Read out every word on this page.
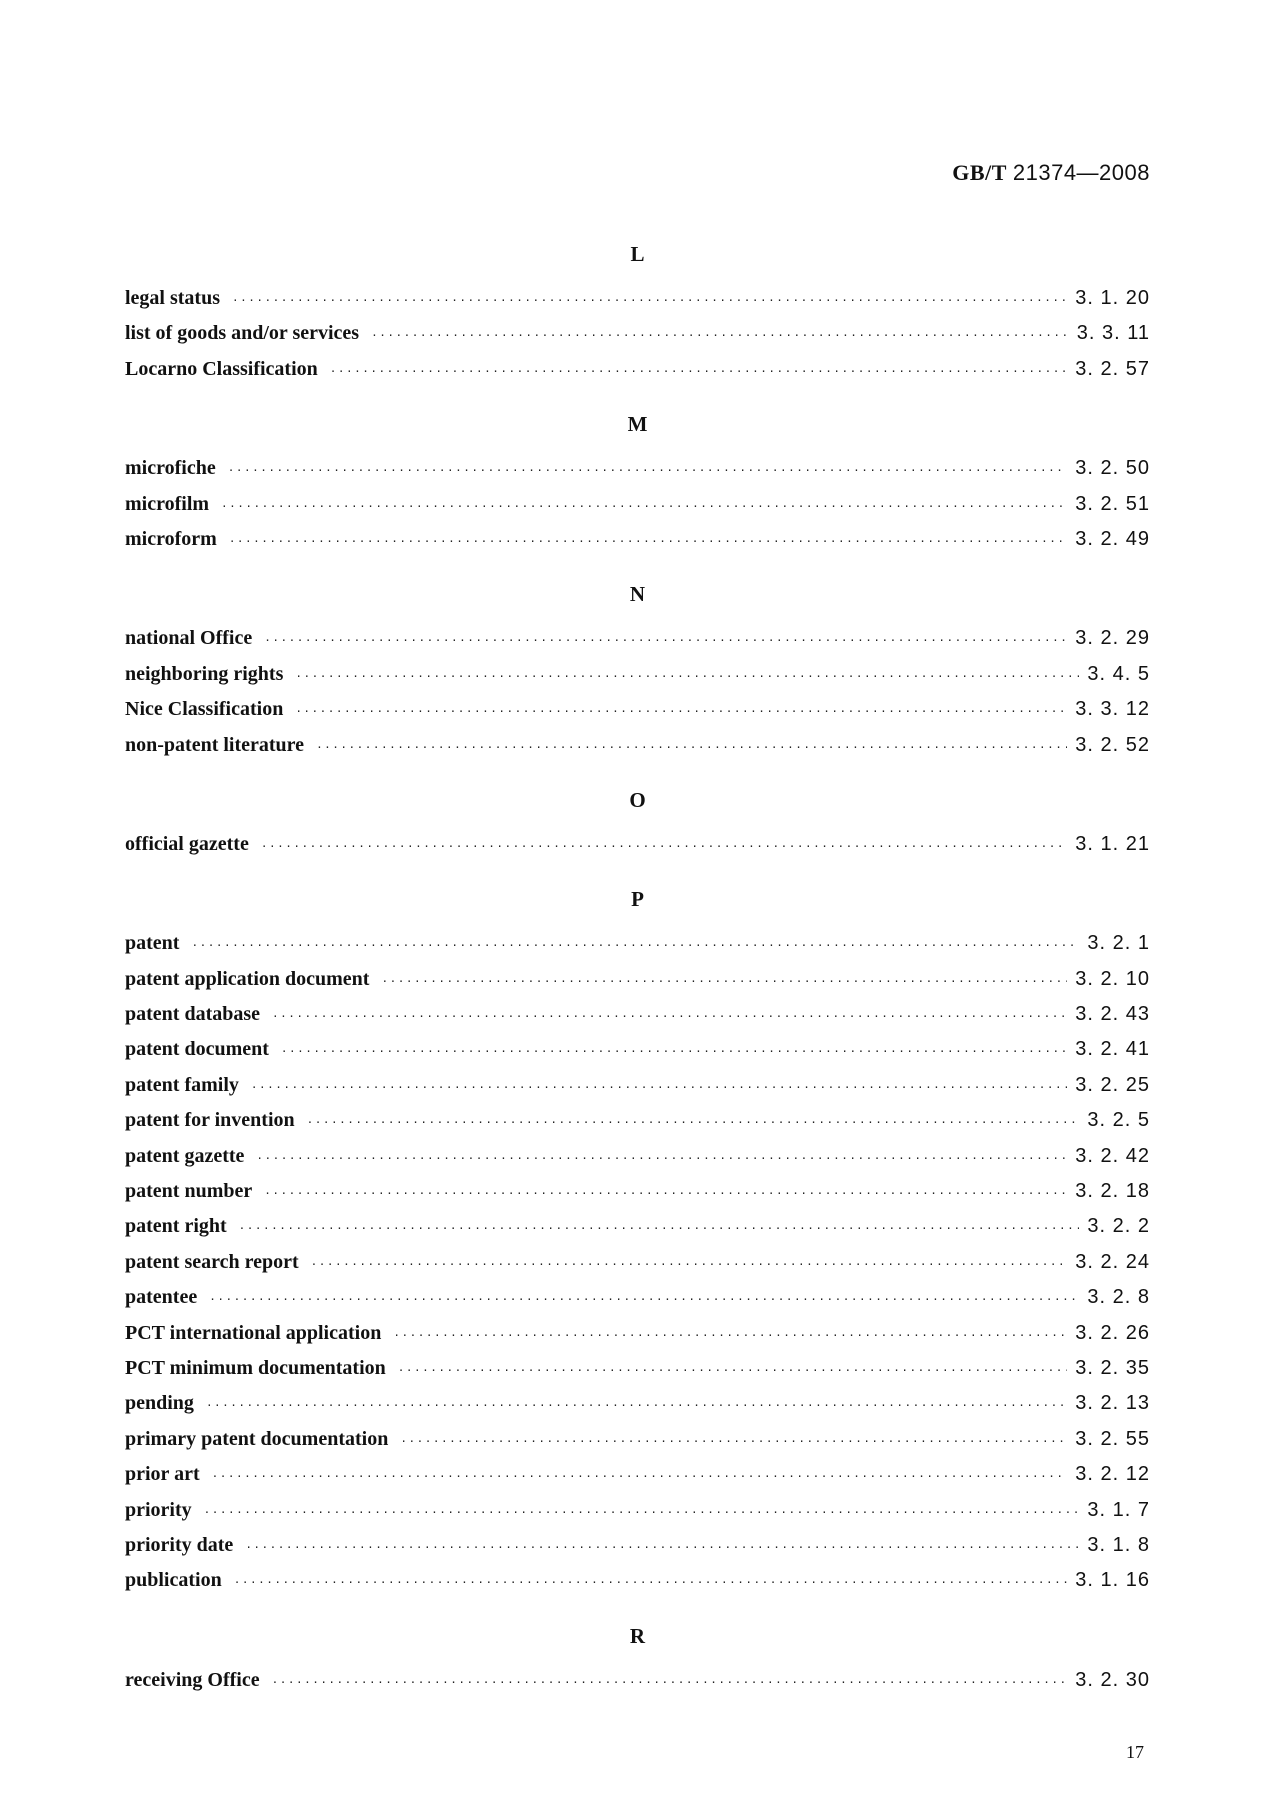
GB/T 21374—2008
L
legal status ·····	3. 1. 20
list of goods and/or services ·····	3. 3. 11
Locarno Classification ·····	3. 2. 57
M
microfiche ·····	3. 2. 50
microfilm ·····	3. 2. 51
microform ·····	3. 2. 49
N
national Office ·····	3. 2. 29
neighboring rights ·····	3. 4. 5
Nice Classification ·····	3. 3. 12
non-patent literature ·····	3. 2. 52
O
official gazette ·····	3. 1. 21
P
patent ·····	3. 2. 1
patent application document ·····	3. 2. 10
patent database ·····	3. 2. 43
patent document ·····	3. 2. 41
patent family ·····	3. 2. 25
patent for invention ·····	3. 2. 5
patent gazette ·····	3. 2. 42
patent number ·····	3. 2. 18
patent right ·····	3. 2. 2
patent search report ·····	3. 2. 24
patentee ·····	3. 2. 8
PCT international application ·····	3. 2. 26
PCT minimum documentation ·····	3. 2. 35
pending ·····	3. 2. 13
primary patent documentation ·····	3. 2. 55
prior art ·····	3. 2. 12
priority ·····	3. 1. 7
priority date ·····	3. 1. 8
publication ·····	3. 1. 16
R
receiving Office ·····	3. 2. 30
17
